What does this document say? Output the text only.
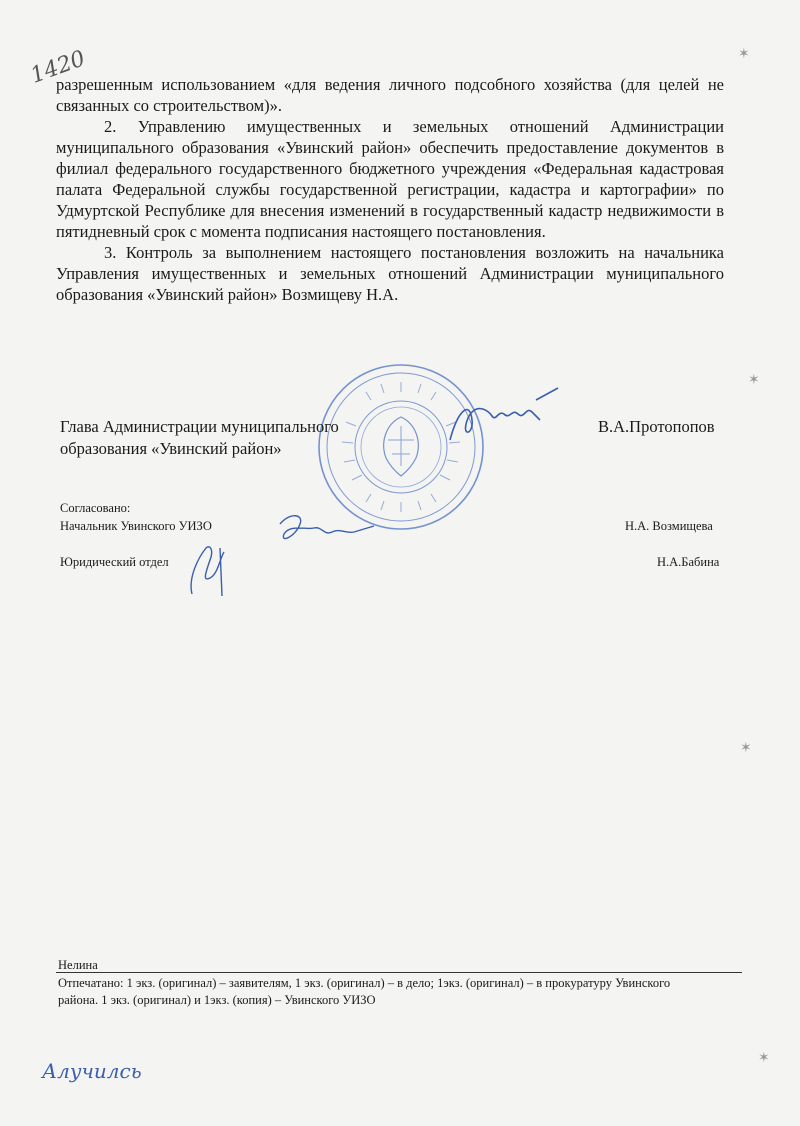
1420	✶
✶
✶
✶

разрешенным использованием «для ведения личного подсобного хозяйства (для целей не связанных со строительством)».

2. Управлению имущественных и земельных отношений Администрации муниципального образования «Увинский район» обеспечить предоставление документов в филиал федерального государственного бюджетного учреждения «Федеральная кадастровая палата Федеральной службы государственной регистрации, кадастра и картографии» по Удмуртской Республике для внесения изменений в государственный кадастр недвижимости в пятидневный срок с момента подписания настоящего постановления.

3. Контроль за выполнением настоящего постановления возложить на начальника Управления имущественных и земельных отношений Администрации муниципального образования «Увинский район» Возмищеву Н.А.

Глава Администрации муниципального
образования «Увинский район»
В.А.Протопопов
Согласовано:
Начальник Увинского УИЗО	Н.А. Возмищева
Юридический отдел	Н.А.Бабина
Нелина
Отпечатано: 1 экз. (оригинал) – заявителям, 1 экз. (оригинал) – в дело; 1экз. (оригинал) – в прокуратуру Увинского
района. 1 экз. (оригинал) и 1экз. (копия) – Увинского УИЗО
Алучилсь
